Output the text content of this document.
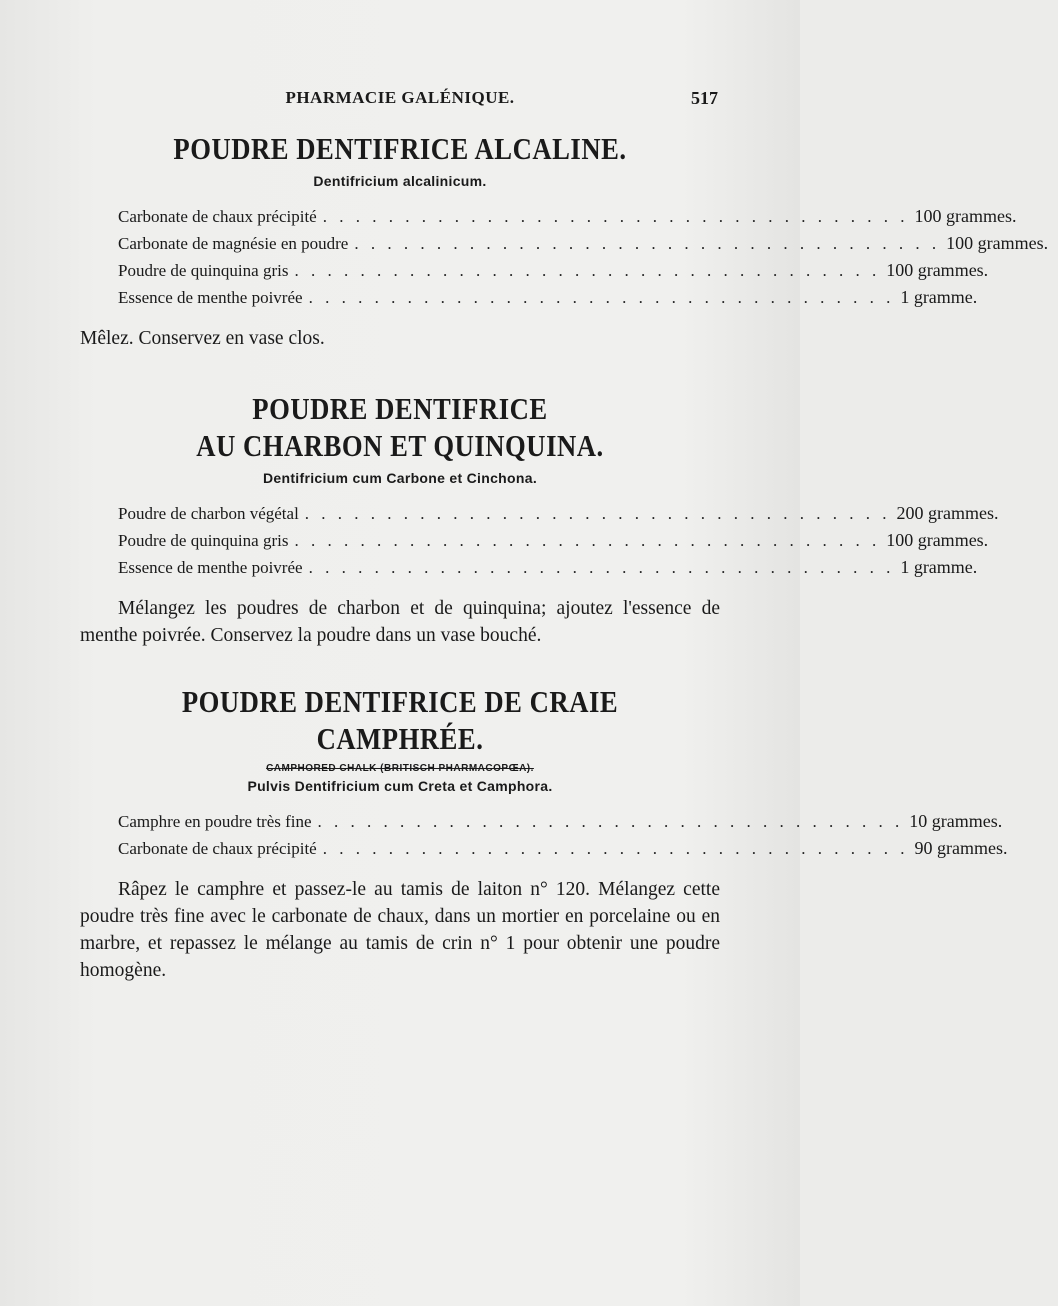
PHARMACIE GALÉNIQUE.	517
POUDRE DENTIFRICE ALCALINE.
Dentifricium alcalinicum.
Carbonate de chaux précipité . . . . . . . . . . . . . . . . . . . . . . . . . . . . . . . . . . . . 100 grammes.
Carbonate de magnésie en poudre . . . . . . . . . . . . . . . . . . . . . . . . . . . . . . . . . . . . 100 grammes.
Poudre de quinquina gris . . . . . . . . . . . . . . . . . . . . . . . . . . . . . . . . . . . . 100 grammes.
Essence de menthe poivrée . . . . . . . . . . . . . . . . . . . . . . . . . . . . . . . . . . . . 1 gramme.

Mêlez. Conservez en vase clos.

POUDRE DENTIFRICE
AU CHARBON ET QUINQUINA.
Dentifricium cum Carbone et Cinchona.
Poudre de charbon végétal . . . . . . . . . . . . . . . . . . . . . . . . . . . . . . . . . . . . 200 grammes.
Poudre de quinquina gris . . . . . . . . . . . . . . . . . . . . . . . . . . . . . . . . . . . . 100 grammes.
Essence de menthe poivrée . . . . . . . . . . . . . . . . . . . . . . . . . . . . . . . . . . . . 1 gramme.

Mélangez les poudres de charbon et de quinquina; ajoutez l'essence de menthe poivrée. Conservez la poudre dans un vase bouché.

POUDRE DENTIFRICE DE CRAIE CAMPHRÉE.
CAMPHORED CHALK (BRITISCH PHARMACOPŒA).
Pulvis Dentifricium cum Creta et Camphora.
Camphre en poudre très fine . . . . . . . . . . . . . . . . . . . . . . . . . . . . . . . . . . . . 10 grammes.
Carbonate de chaux précipité . . . . . . . . . . . . . . . . . . . . . . . . . . . . . . . . . . . . 90 grammes.

Râpez le camphre et passez-le au tamis de laiton n° 120. Mélangez cette poudre très fine avec le carbonate de chaux, dans un mortier en porcelaine ou en marbre, et repassez le mélange au tamis de crin n° 1 pour obtenir une poudre homogène.
